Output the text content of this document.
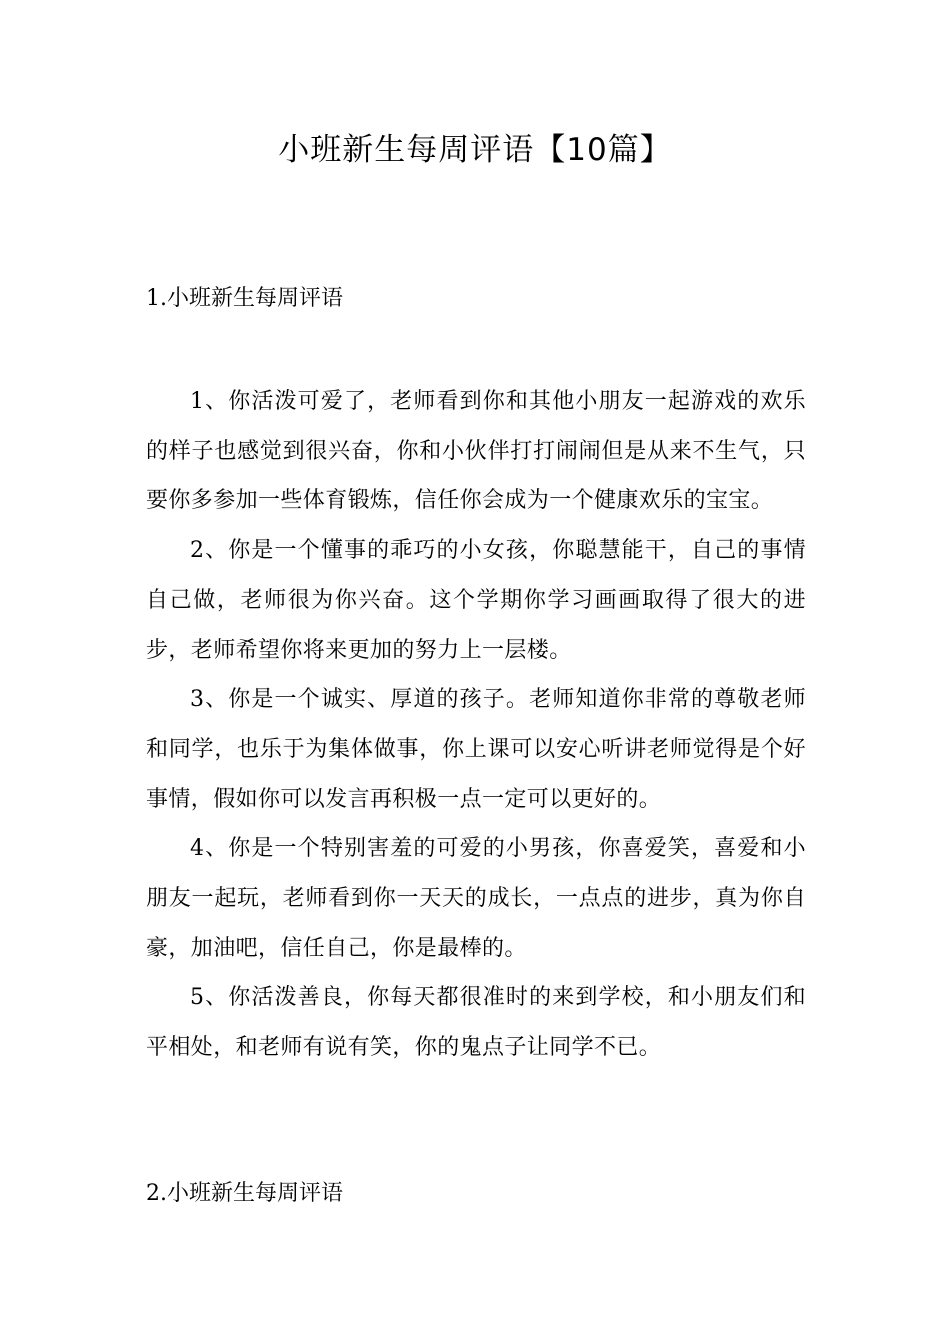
小班新生每周评语【10篇】
1.小班新生每周评语

1、你活泼可爱了，老师看到你和其他小朋友一起游戏的欢乐的样子也感觉到很兴奋，你和小伙伴打打闹闹但是从来不生气，只要你多参加一些体育锻炼，信任你会成为一个健康欢乐的宝宝。

2、你是一个懂事的乖巧的小女孩，你聪慧能干，自己的事情自己做，老师很为你兴奋。这个学期你学习画画取得了很大的进步，老师希望你将来更加的努力上一层楼。

3、你是一个诚实、厚道的孩子。老师知道你非常的尊敬老师和同学，也乐于为集体做事，你上课可以安心听讲老师觉得是个好事情，假如你可以发言再积极一点一定可以更好的。

4、你是一个特别害羞的可爱的小男孩，你喜爱笑，喜爱和小朋友一起玩，老师看到你一天天的成长，一点点的进步，真为你自豪，加油吧，信任自己，你是最棒的。

5、你活泼善良，你每天都很准时的来到学校，和小朋友们和平相处，和老师有说有笑，你的鬼点子让同学不已。

2.小班新生每周评语
